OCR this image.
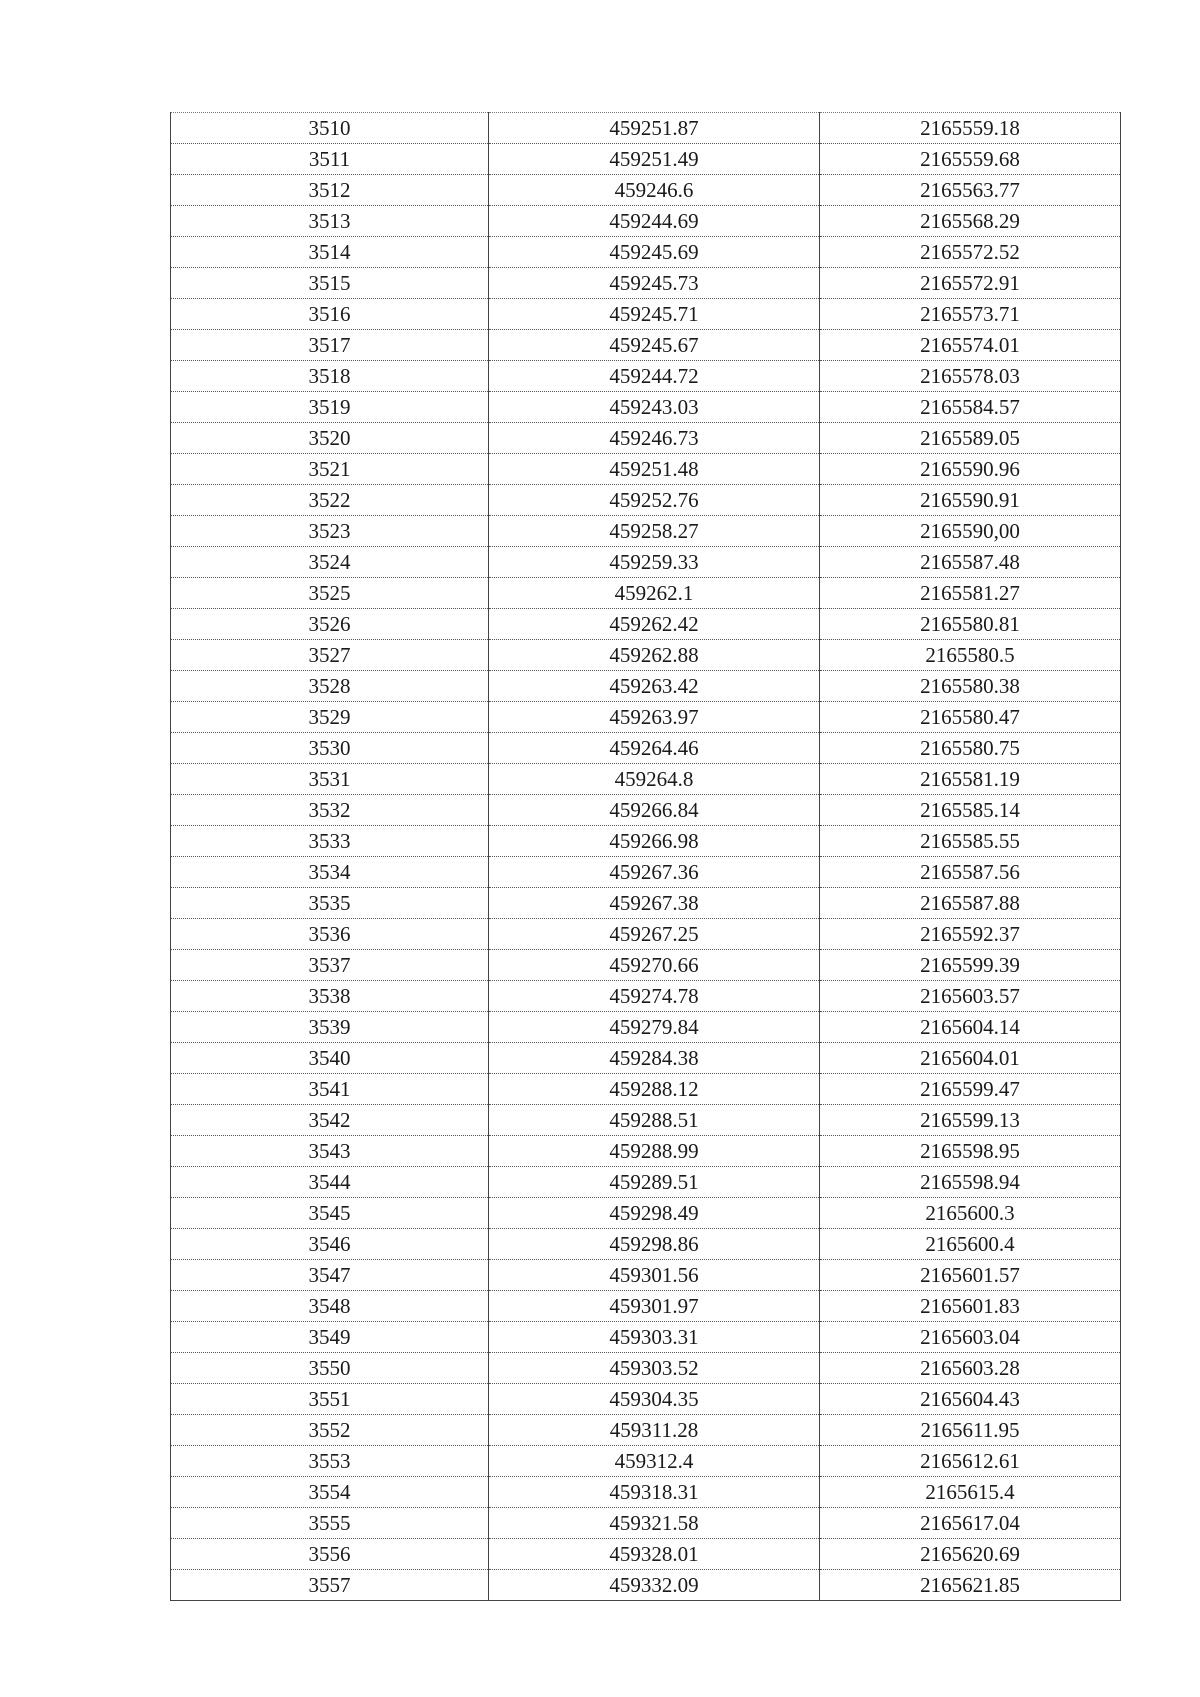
3510	459251.87	2165559.18
3511	459251.49	2165559.68
3512	459246.6	2165563.77
3513	459244.69	2165568.29
3514	459245.69	2165572.52
3515	459245.73	2165572.91
3516	459245.71	2165573.71
3517	459245.67	2165574.01
3518	459244.72	2165578.03
3519	459243.03	2165584.57
3520	459246.73	2165589.05
3521	459251.48	2165590.96
3522	459252.76	2165590.91
3523	459258.27	2165590,00
3524	459259.33	2165587.48
3525	459262.1	2165581.27
3526	459262.42	2165580.81
3527	459262.88	2165580.5
3528	459263.42	2165580.38
3529	459263.97	2165580.47
3530	459264.46	2165580.75
3531	459264.8	2165581.19
3532	459266.84	2165585.14
3533	459266.98	2165585.55
3534	459267.36	2165587.56
3535	459267.38	2165587.88
3536	459267.25	2165592.37
3537	459270.66	2165599.39
3538	459274.78	2165603.57
3539	459279.84	2165604.14
3540	459284.38	2165604.01
3541	459288.12	2165599.47
3542	459288.51	2165599.13
3543	459288.99	2165598.95
3544	459289.51	2165598.94
3545	459298.49	2165600.3
3546	459298.86	2165600.4
3547	459301.56	2165601.57
3548	459301.97	2165601.83
3549	459303.31	2165603.04
3550	459303.52	2165603.28
3551	459304.35	2165604.43
3552	459311.28	2165611.95
3553	459312.4	2165612.61
3554	459318.31	2165615.4
3555	459321.58	2165617.04
3556	459328.01	2165620.69
3557	459332.09	2165621.85
